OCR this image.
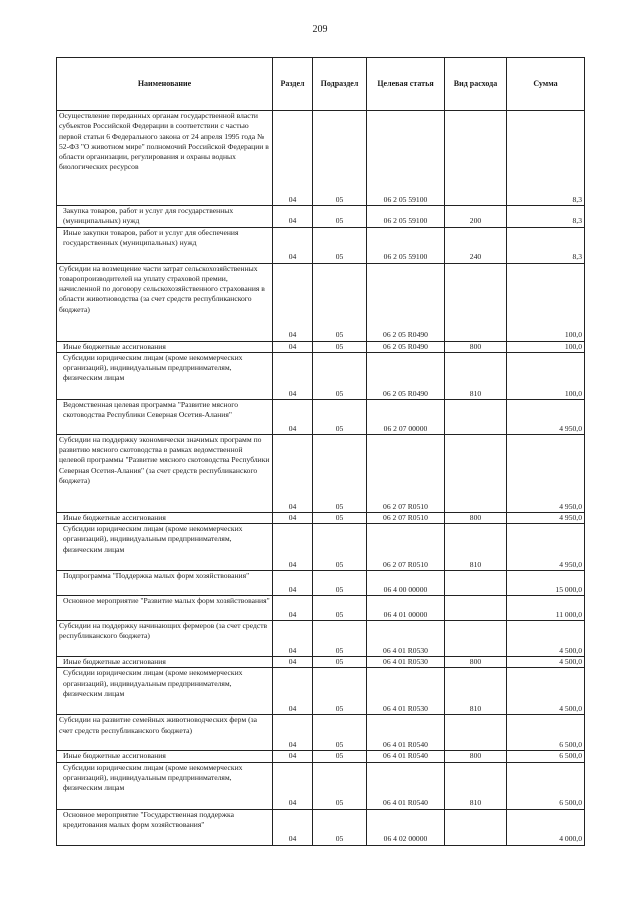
209
Наименование	Раздел	Подраздел	Целевая статья	Вид расхода	Сумма
Осуществление переданных органам государственной власти субъектов Российской Федерации в соответствии с частью первой статьи 6 Федерального закона от 24 апреля 1995 года № 52-ФЗ "О животном мире" полномочий Российской Федерации в области организации, регулирования и охраны водных биологических ресурсов	04	05	06 2 05 59100		8,3
Закупка товаров, работ и услуг для государственных (муниципальных) нужд	04	05	06 2 05 59100	200	8,3
Иные закупки товаров, работ и услуг для обеспечения государственных (муниципальных) нужд	04	05	06 2 05 59100	240	8,3
Субсидии на возмещение части затрат сельскохозяйственных товаропроизводителей на уплату страховой премии, начисленной по договору сельскохозяйственного страхования в области животноводства (за счет средств республиканского бюджета)	04	05	06 2 05 R0490		100,0
Иные бюджетные ассигнования	04	05	06 2 05 R0490	800	100,0
Субсидии юридическим лицам (кроме некоммерческих организаций), индивидуальным предпринимателям, физическим лицам	04	05	06 2 05 R0490	810	100,0
Ведомственная целевая программа "Развитие мясного скотоводства Республики Северная Осетия-Алания"	04	05	06 2 07 00000		4 950,0
Субсидии на поддержку экономически значимых программ по развитию мясного скотоводства в рамках ведомственной целевой программы "Развитие мясного скотоводства Республики Северная Осетия-Алания" (за счет средств республиканского бюджета)	04	05	06 2 07 R0510		4 950,0
Иные бюджетные ассигнования	04	05	06 2 07 R0510	800	4 950,0
Субсидии юридическим лицам (кроме некоммерческих организаций), индивидуальным предпринимателям, физическим лицам	04	05	06 2 07 R0510	810	4 950,0
Подпрограмма "Поддержка малых форм хозяйствования"	04	05	06 4 00 00000		15 000,0
Основное мероприятие "Развитие малых форм хозяйствования"	04	05	06 4 01 00000		11 000,0
Субсидии на поддержку начинающих фермеров (за счет средств республиканского бюджета)	04	05	06 4 01 R0530		4 500,0
Иные бюджетные ассигнования	04	05	06 4 01 R0530	800	4 500,0
Субсидии юридическим лицам (кроме некоммерческих организаций), индивидуальным предпринимателям, физическим лицам	04	05	06 4 01 R0530	810	4 500,0
Субсидии на развитие семейных животноводческих ферм (за счет средств республиканского бюджета)	04	05	06 4 01 R0540		6 500,0
Иные бюджетные ассигнования	04	05	06 4 01 R0540	800	6 500,0
Субсидии юридическим лицам (кроме некоммерческих организаций), индивидуальным предпринимателям, физическим лицам	04	05	06 4 01 R0540	810	6 500,0
Основное мероприятие "Государственная поддержка кредитования малых форм хозяйствования"	04	05	06 4 02 00000		4 000,0
